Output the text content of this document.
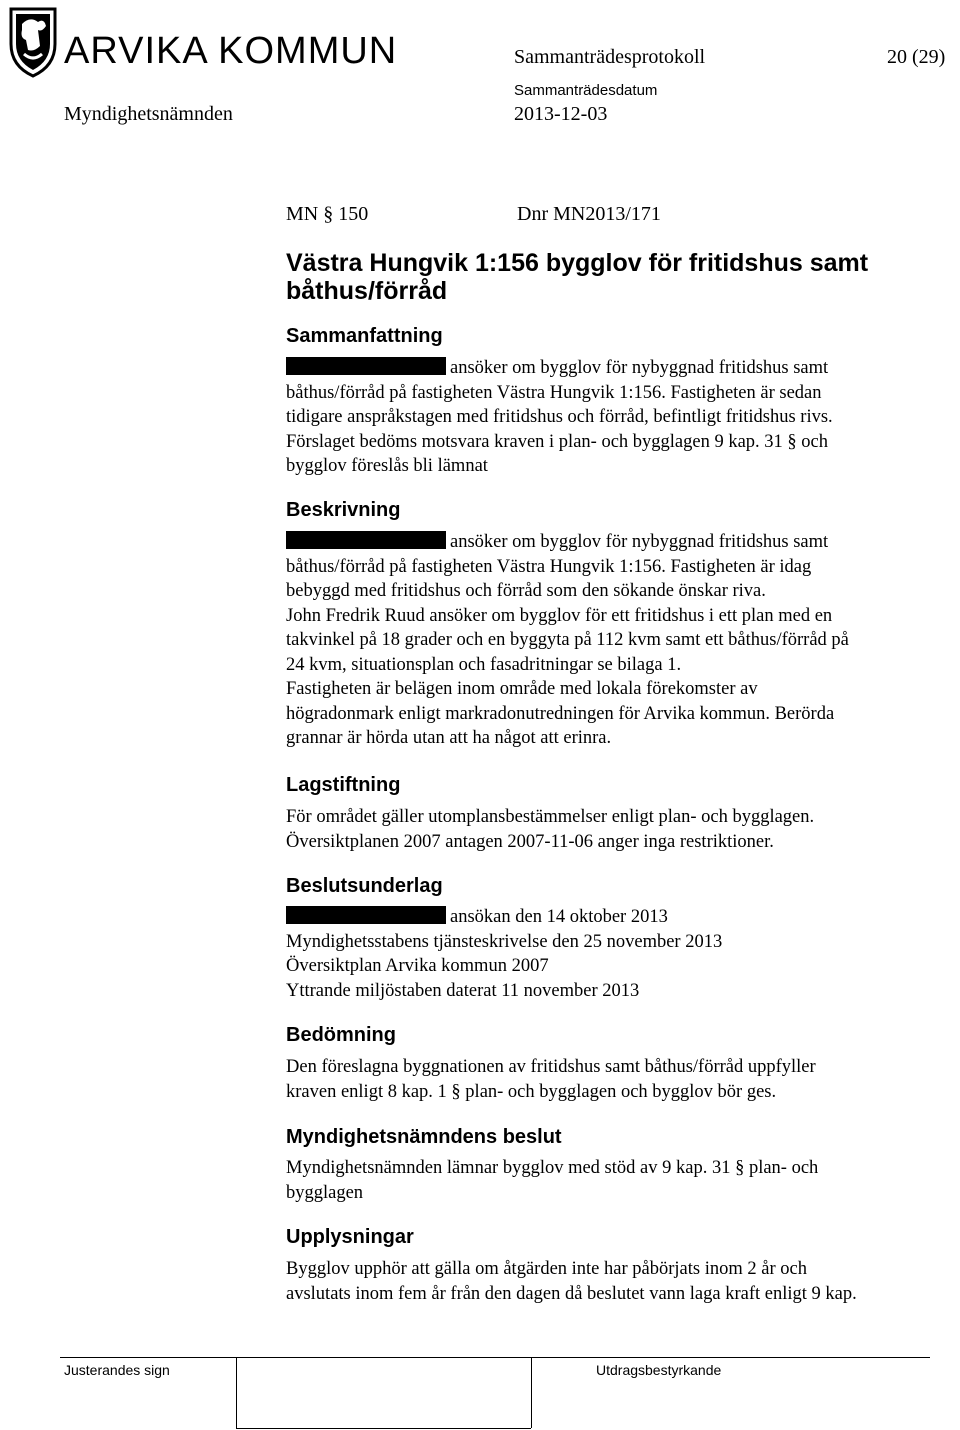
ARVIKA KOMMUN	Sammanträdesprotokoll	20 (29)
Sammanträdesdatum
Myndighetsnämnden	2013-12-03
MN § 150	Dnr MN2013/171
Västra Hungvik 1:156 bygglov för fritidshus samt båthus/förråd
Sammanfattning
ansöker om bygglov för nybyggnad fritidshus samt
båthus/förråd på fastigheten Västra Hungvik 1:156. Fastigheten är sedan
tidigare anspråkstagen med fritidshus och förråd, befintligt fritidshus rivs.
Förslaget bedöms motsvara kraven i plan- och bygglagen 9 kap. 31 § och
bygglov föreslås bli lämnat
Beskrivning
ansöker om bygglov för nybyggnad fritidshus samt
båthus/förråd på fastigheten Västra Hungvik 1:156. Fastigheten är idag
bebyggd med fritidshus och förråd som den sökande önskar riva.
John Fredrik Ruud ansöker om bygglov för ett fritidshus i ett plan med en
takvinkel på 18 grader och en byggyta på 112 kvm samt ett båthus/förråd på
24 kvm, situationsplan och fasadritningar se bilaga 1.
Fastigheten är belägen inom område med lokala förekomster av
högradonmark enligt markradonutredningen för Arvika kommun. Berörda
grannar är hörda utan att ha något att erinra.
Lagstiftning
För området gäller utomplansbestämmelser enligt plan- och bygglagen.
Översiktplanen 2007 antagen 2007-11-06 anger inga restriktioner.
Beslutsunderlag
ansökan den 14 oktober 2013
Myndighetsstabens tjänsteskrivelse den 25 november 2013
Översiktplan Arvika kommun 2007
Yttrande miljöstaben daterat 11 november 2013
Bedömning
Den föreslagna byggnationen av fritidshus samt båthus/förråd uppfyller
kraven enligt 8 kap. 1 § plan- och bygglagen och bygglov bör ges.
Myndighetsnämndens beslut
Myndighetsnämnden lämnar bygglov med stöd av 9 kap. 31 § plan- och
bygglagen
Upplysningar
Bygglov upphör att gälla om åtgärden inte har påbörjats inom 2 år och
avslutats inom fem år från den dagen då beslutet vann laga kraft enligt 9 kap.
Justerandes sign	Utdragsbestyrkande
